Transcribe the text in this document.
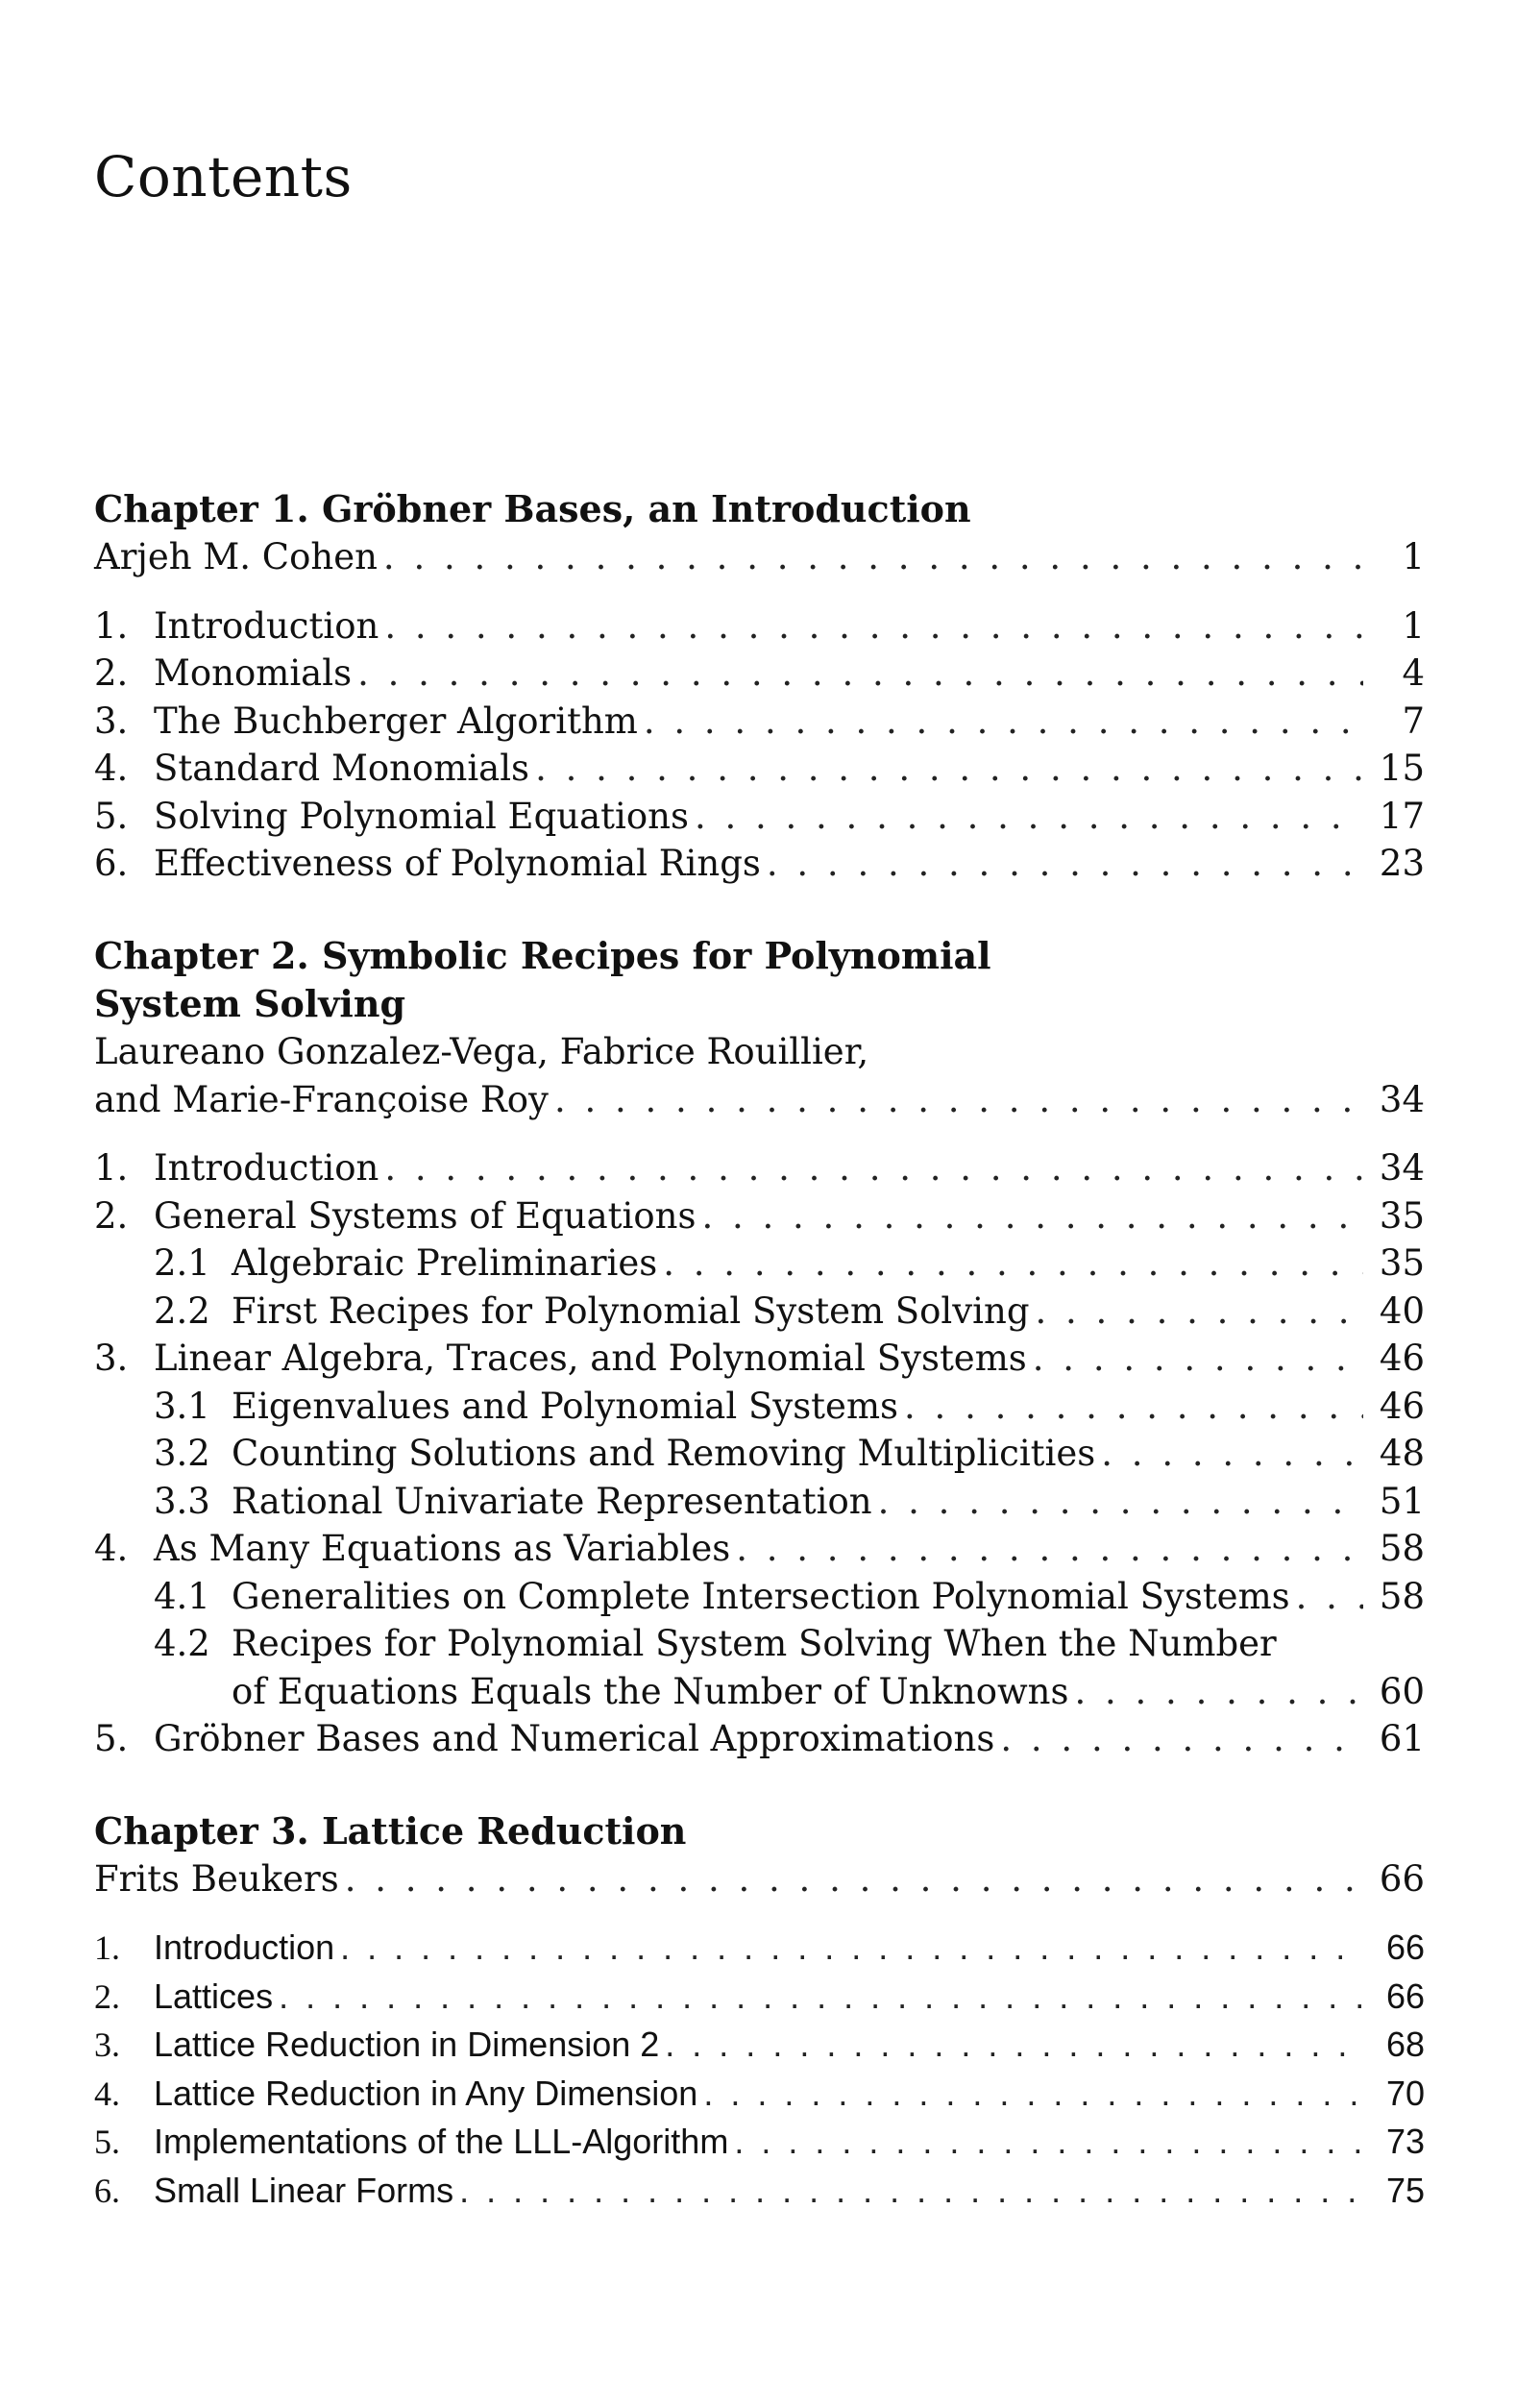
Contents
Chapter 1. Gröbner Bases, an Introduction
Arjeh M. Cohen . . .	1
1. Introduction . . .	1
2. Monomials . . .	4
3. The Buchberger Algorithm . . .	7
4. Standard Monomials . . .	15
5. Solving Polynomial Equations . . .	17
6. Effectiveness of Polynomial Rings . . .	23
Chapter 2. Symbolic Recipes for Polynomial
System Solving

Laureano Gonzalez-Vega, Fabrice Rouillier,

and Marie-Françoise Roy . . .	34
1. Introduction . . .	34
2. General Systems of Equations . . .	35
2.1 Algebraic Preliminaries . . .	35
2.2 First Recipes for Polynomial System Solving . . .	40
3. Linear Algebra, Traces, and Polynomial Systems . . .	46
3.1 Eigenvalues and Polynomial Systems . . .	46
3.2 Counting Solutions and Removing Multiplicities . . .	48
3.3 Rational Univariate Representation . . .	51
4. As Many Equations as Variables . . .	58
4.1 Generalities on Complete Intersection Polynomial Systems . . .	58
4.2 Recipes for Polynomial System Solving When the Number
of Equations Equals the Number of Unknowns . . .	60
5. Gröbner Bases and Numerical Approximations . . .	61
Chapter 3. Lattice Reduction
Frits Beukers . . .	66
1. Introduction . . .	66
2. Lattices . . .	66
3. Lattice Reduction in Dimension 2 . . .	68
4. Lattice Reduction in Any Dimension . . .	70
5. Implementations of the LLL-Algorithm . . .	73
6. Small Linear Forms . . .	75
